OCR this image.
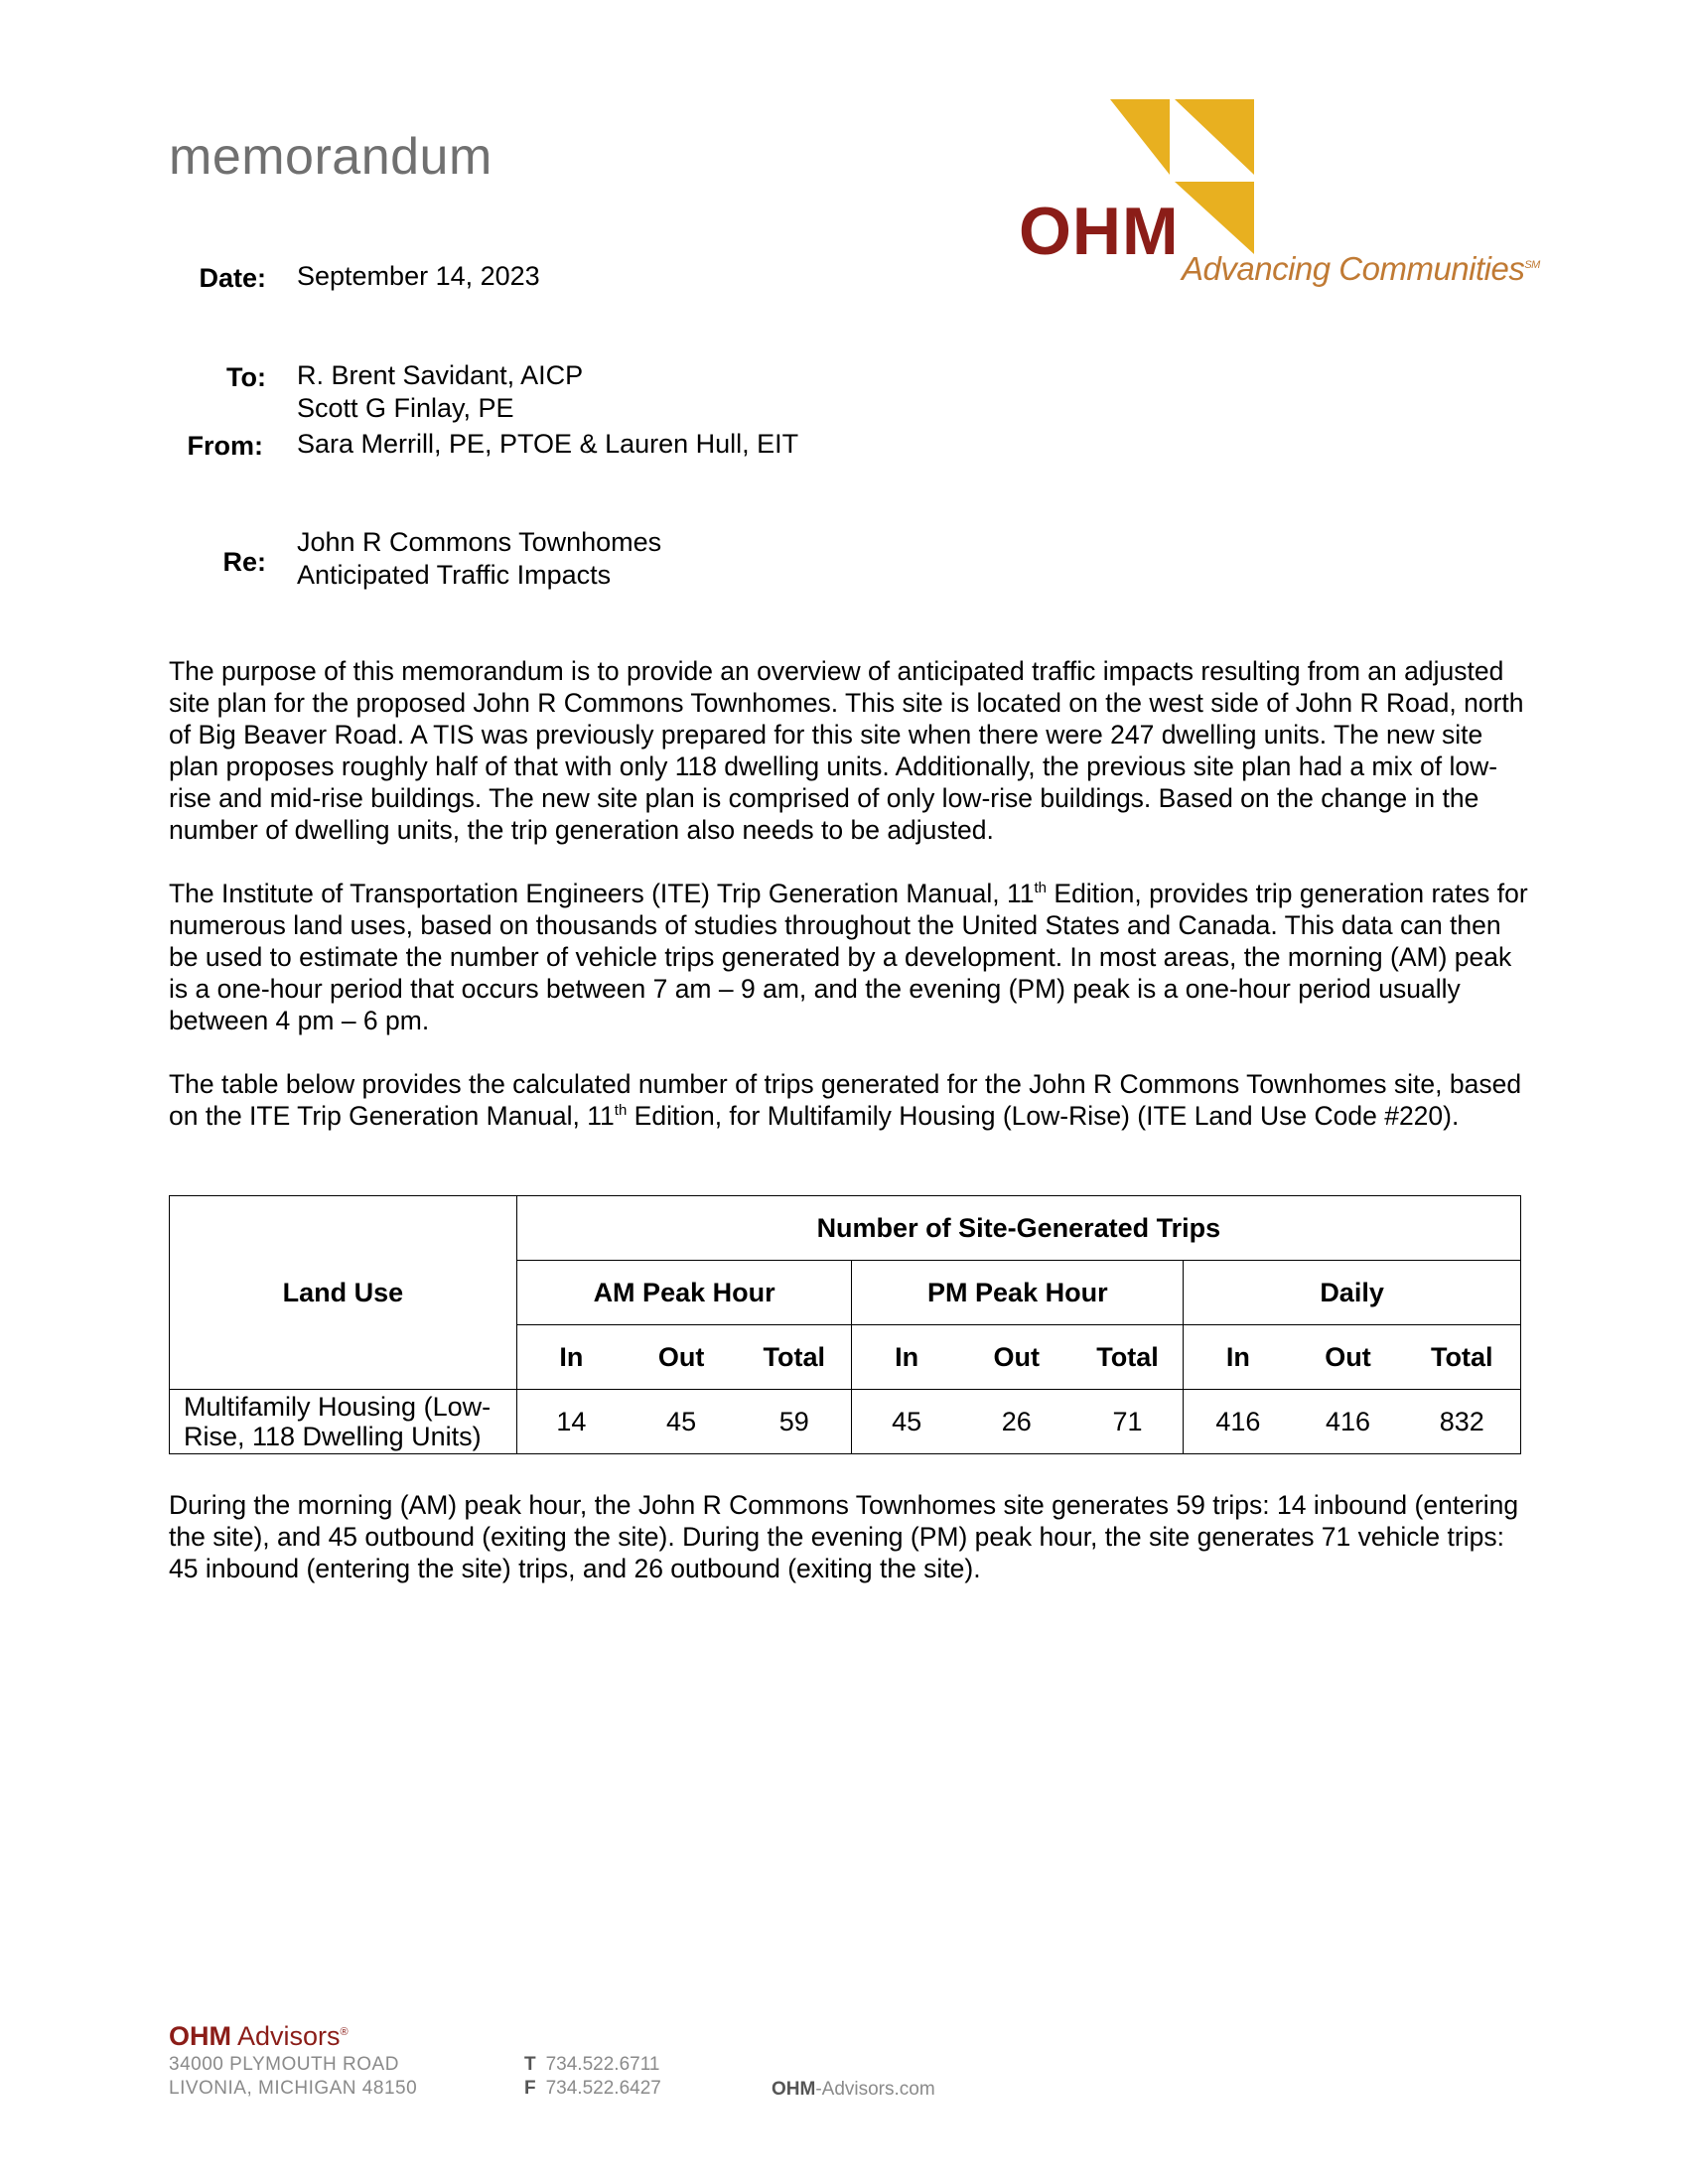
memorandum
OHM Advancing Communities℠
Date: September 14, 2023
To: R. Brent Savidant, AICP
Scott G Finlay, PE
From: Sara Merrill, PE, PTOE & Lauren Hull, EIT
Re:
John R Commons Townhomes
Anticipated Traffic Impacts
The purpose of this memorandum is to provide an overview of anticipated traffic impacts resulting from an adjusted site plan for the proposed John R Commons Townhomes. This site is located on the west side of John R Road, north of Big Beaver Road. A TIS was previously prepared for this site when there were 247 dwelling units. The new site plan proposes roughly half of that with only 118 dwelling units. Additionally, the previous site plan had a mix of low-rise and mid-rise buildings. The new site plan is comprised of only low-rise buildings. Based on the change in the number of dwelling units, the trip generation also needs to be adjusted.
The Institute of Transportation Engineers (ITE) Trip Generation Manual, 11th Edition, provides trip generation rates for numerous land uses, based on thousands of studies throughout the United States and Canada. This data can then be used to estimate the number of vehicle trips generated by a development. In most areas, the morning (AM) peak is a one-hour period that occurs between 7 am – 9 am, and the evening (PM) peak is a one-hour period usually between 4 pm – 6 pm.
The table below provides the calculated number of trips generated for the John R Commons Townhomes site, based on the ITE Trip Generation Manual, 11th Edition, for Multifamily Housing (Low-Rise) (ITE Land Use Code #220).
Land Use	Number of Site-Generated Trips								
	AM Peak Hour			PM Peak Hour			Daily		
	In	Out	Total	In	Out	Total	In	Out	Total
Multifamily Housing (Low-
Rise, 118 Dwelling Units)	14	45	59	45	26	71	416	416	832
During the morning (AM) peak hour, the John R Commons Townhomes site generates 59 trips: 14 inbound (entering the site), and 45 outbound (exiting the site). During the evening (PM) peak hour, the site generates 71 vehicle trips: 45 inbound (entering the site) trips, and 26 outbound (exiting the site).
OHM Advisors®
34000 PLYMOUTH ROAD
LIVONIA, MICHIGAN 48150
T 734.522.6711
F 734.522.6427	OHM-Advisors.com
